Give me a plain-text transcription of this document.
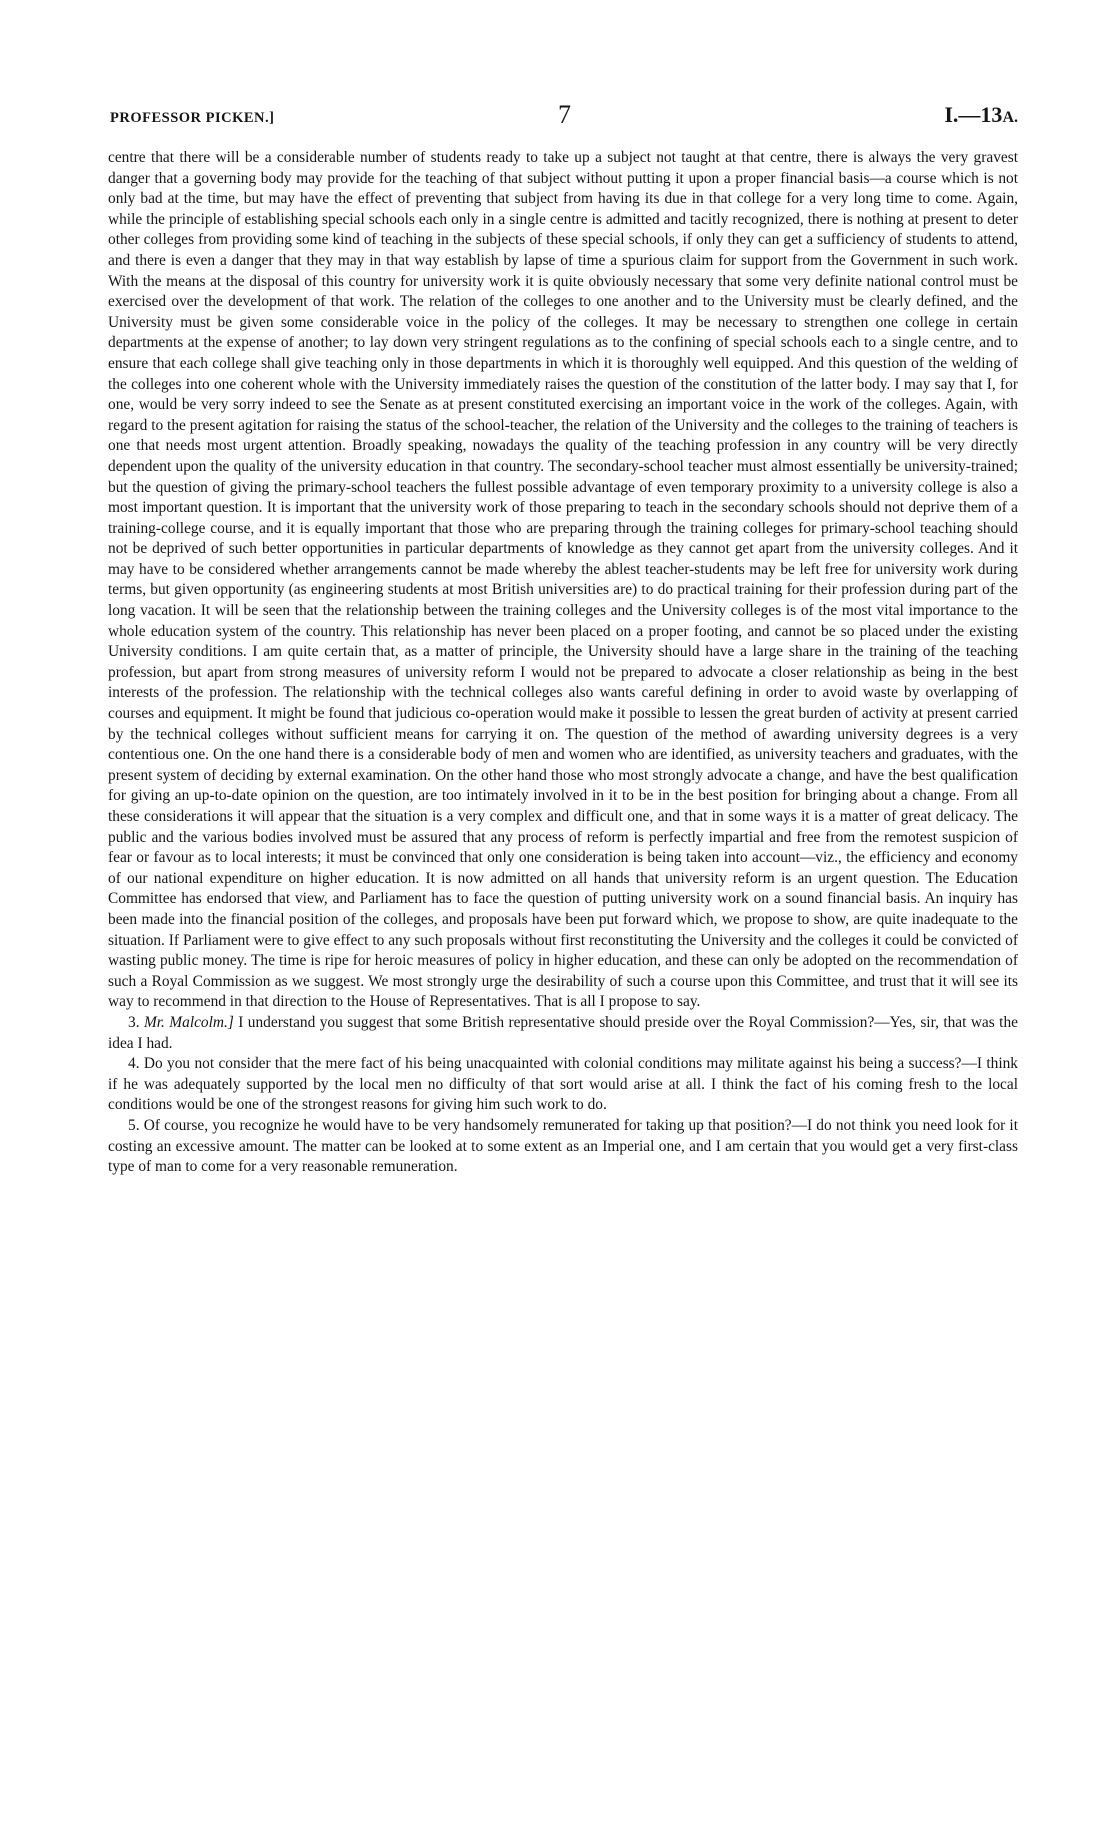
PROFESSOR PICKEN.]	7	I.—13A.

centre that there will be a considerable number of students ready to take up a subject not taught at that centre, there is always the very gravest danger that a governing body may provide for the teaching of that subject without putting it upon a proper financial basis—a course which is not only bad at the time, but may have the effect of preventing that subject from having its due in that college for a very long time to come. Again, while the principle of establishing special schools each only in a single centre is admitted and tacitly recognized, there is nothing at present to deter other colleges from providing some kind of teaching in the subjects of these special schools, if only they can get a sufficiency of students to attend, and there is even a danger that they may in that way establish by lapse of time a spurious claim for support from the Government in such work. With the means at the disposal of this country for university work it is quite obviously necessary that some very definite national control must be exercised over the development of that work. The relation of the colleges to one another and to the University must be clearly defined, and the University must be given some considerable voice in the policy of the colleges. It may be necessary to strengthen one college in certain departments at the expense of another; to lay down very stringent regulations as to the confining of special schools each to a single centre, and to ensure that each college shall give teaching only in those departments in which it is thoroughly well equipped. And this question of the welding of the colleges into one coherent whole with the University immediately raises the question of the constitution of the latter body. I may say that I, for one, would be very sorry indeed to see the Senate as at present constituted exercising an important voice in the work of the colleges. Again, with regard to the present agitation for raising the status of the school-teacher, the relation of the University and the colleges to the training of teachers is one that needs most urgent attention. Broadly speaking, nowadays the quality of the teaching profession in any country will be very directly dependent upon the quality of the university education in that country. The secondary-school teacher must almost essentially be university-trained; but the question of giving the primary-school teachers the fullest possible advantage of even temporary proximity to a university college is also a most important question. It is important that the university work of those preparing to teach in the secondary schools should not deprive them of a training-college course, and it is equally important that those who are preparing through the training colleges for primary-school teaching should not be deprived of such better opportunities in particular departments of knowledge as they cannot get apart from the university colleges. And it may have to be considered whether arrangements cannot be made whereby the ablest teacher-students may be left free for university work during terms, but given opportunity (as engineering students at most British universities are) to do practical training for their profession during part of the long vacation. It will be seen that the relationship between the training colleges and the University colleges is of the most vital importance to the whole education system of the country. This relationship has never been placed on a proper footing, and cannot be so placed under the existing University conditions. I am quite certain that, as a matter of principle, the University should have a large share in the training of the teaching profession, but apart from strong measures of university reform I would not be prepared to advocate a closer relationship as being in the best interests of the profession. The relationship with the technical colleges also wants careful defining in order to avoid waste by overlapping of courses and equipment. It might be found that judicious co-operation would make it possible to lessen the great burden of activity at present carried by the technical colleges without sufficient means for carrying it on. The question of the method of awarding university degrees is a very contentious one. On the one hand there is a considerable body of men and women who are identified, as university teachers and graduates, with the present system of deciding by external examination. On the other hand those who most strongly advocate a change, and have the best qualification for giving an up-to-date opinion on the question, are too intimately involved in it to be in the best position for bringing about a change. From all these considerations it will appear that the situation is a very complex and difficult one, and that in some ways it is a matter of great delicacy. The public and the various bodies involved must be assured that any process of reform is perfectly impartial and free from the remotest suspicion of fear or favour as to local interests; it must be convinced that only one consideration is being taken into account—viz., the efficiency and economy of our national expenditure on higher education. It is now admitted on all hands that university reform is an urgent question. The Education Committee has endorsed that view, and Parliament has to face the question of putting university work on a sound financial basis. An inquiry has been made into the financial position of the colleges, and proposals have been put forward which, we propose to show, are quite inadequate to the situation. If Parliament were to give effect to any such proposals without first reconstituting the University and the colleges it could be convicted of wasting public money. The time is ripe for heroic measures of policy in higher education, and these can only be adopted on the recommendation of such a Royal Commission as we suggest. We most strongly urge the desirability of such a course upon this Committee, and trust that it will see its way to recommend in that direction to the House of Representatives. That is all I propose to say.

3. Mr. Malcolm.] I understand you suggest that some British representative should preside over the Royal Commission?—Yes, sir, that was the idea I had.

4. Do you not consider that the mere fact of his being unacquainted with colonial conditions may militate against his being a success?—I think if he was adequately supported by the local men no difficulty of that sort would arise at all. I think the fact of his coming fresh to the local conditions would be one of the strongest reasons for giving him such work to do.

5. Of course, you recognize he would have to be very handsomely remunerated for taking up that position?—I do not think you need look for it costing an excessive amount. The matter can be looked at to some extent as an Imperial one, and I am certain that you would get a very first-class type of man to come for a very reasonable remuneration.
